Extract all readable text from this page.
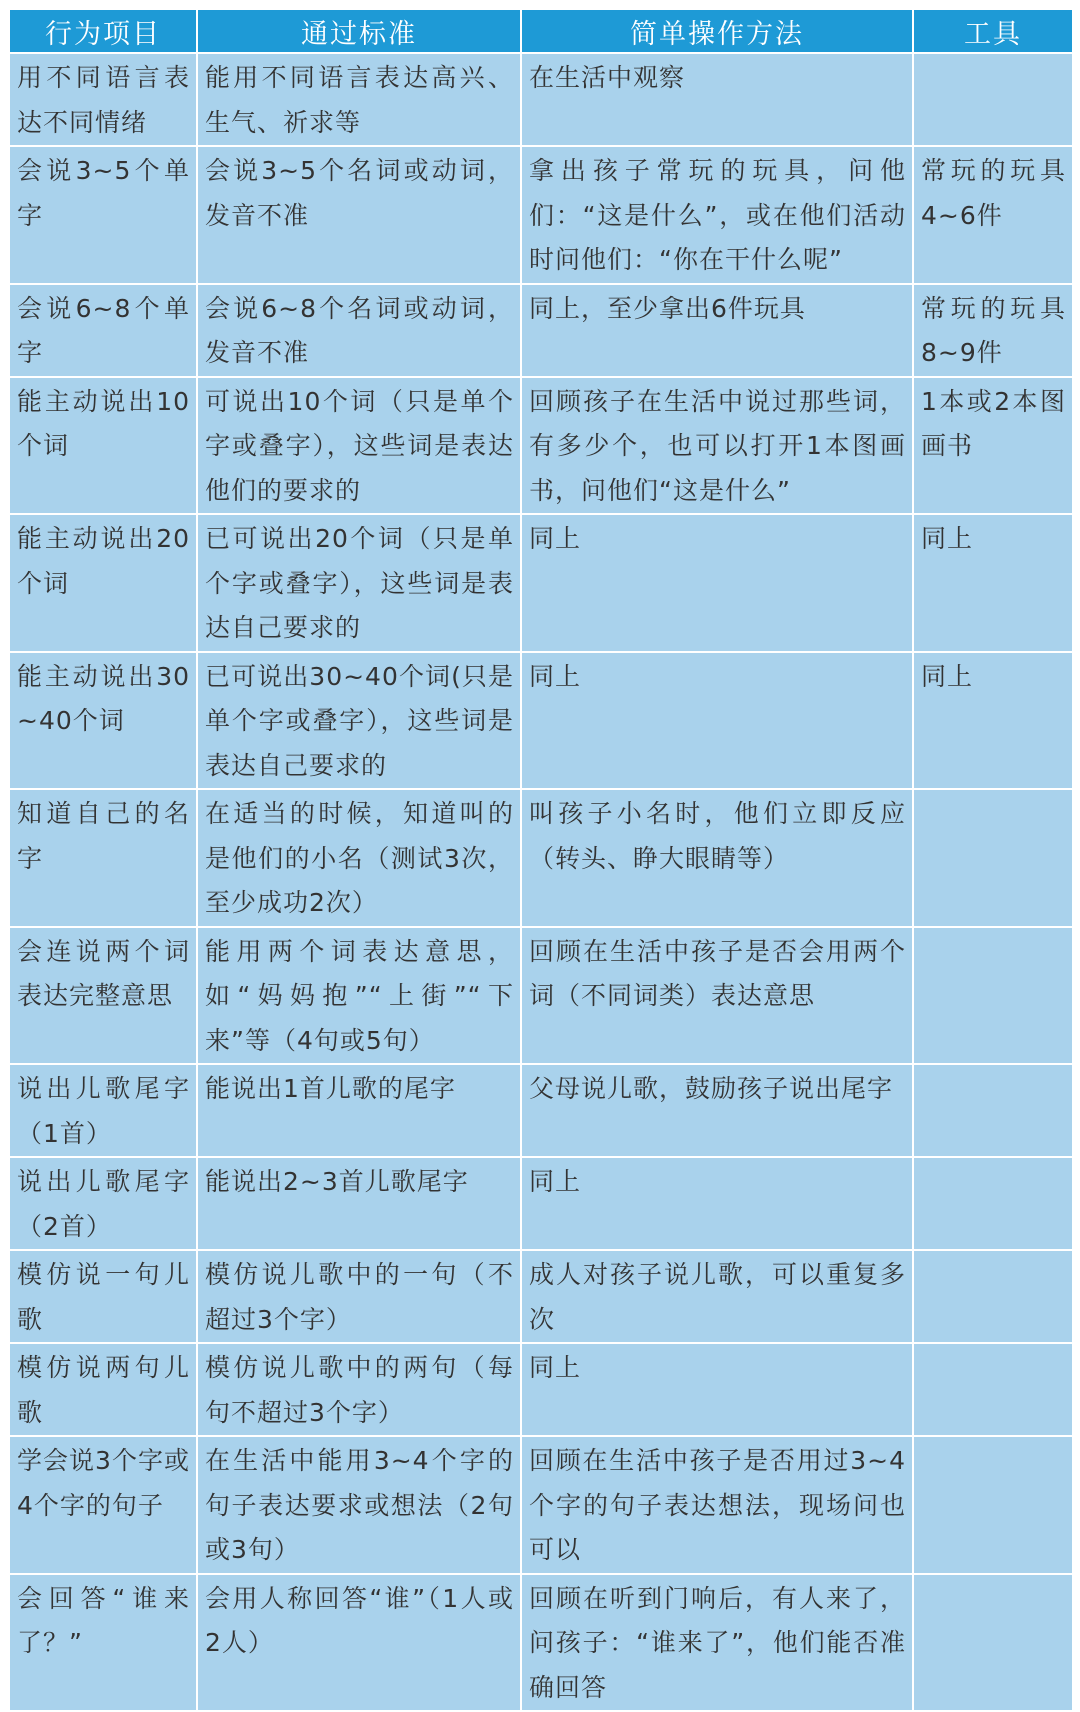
行为项目	通过标准	简单操作方法	工具
用不同语言表达不同情绪	能用不同语言表达高兴、生气、祈求等	在生活中观察	
会说3~5个单字	会说3~5个名词或动词，发音不准	拿出孩子常玩的玩具，问他们：“这是什么”，或在他们活动时问他们：“你在干什么呢”	常玩的玩具4~6件
会说6~8个单字	会说6~8个名词或动词，发音不准	同上，至少拿出6件玩具	常玩的玩具8~9件
能主动说出10个词	可说出10个词（只是单个字或叠字），这些词是表达他们的要求的	回顾孩子在生活中说过那些词，有多少个，也可以打开1本图画书，问他们“这是什么”	1本或2本图画书
能主动说出20个词	已可说出20个词（只是单个字或叠字），这些词是表达自己要求的	同上	同上
能主动说出30~40个词	已可说出30~40个词(只是单个字或叠字），这些词是表达自己要求的	同上	同上
知道自己的名字	在适当的时候，知道叫的是他们的小名（测试3次，至少成功2次）	叫孩子小名时，他们立即反应（转头、睁大眼睛等）	
会连说两个词表达完整意思	能用两个词表达意思，如“妈妈抱”“上街”“下来”等（4句或5句）	回顾在生活中孩子是否会用两个词（不同词类）表达意思	
说出儿歌尾字（1首）	能说出1首儿歌的尾字	父母说儿歌，鼓励孩子说出尾字	
说出儿歌尾字（2首）	能说出2~3首儿歌尾字	同上	
模仿说一句儿歌	模仿说儿歌中的一句（不超过3个字）	成人对孩子说儿歌，可以重复多次	
模仿说两句儿歌	模仿说儿歌中的两句（每句不超过3个字）	同上	
学会说3个字或4个字的句子	在生活中能用3~4个字的句子表达要求或想法（2句或3句）	回顾在生活中孩子是否用过3~4个字的句子表达想法，现场问也可以	
会回答“谁来了？”	会用人称回答“谁”（1人或2人）	回顾在听到门响后，有人来了，问孩子：“谁来了”，他们能否准确回答	
